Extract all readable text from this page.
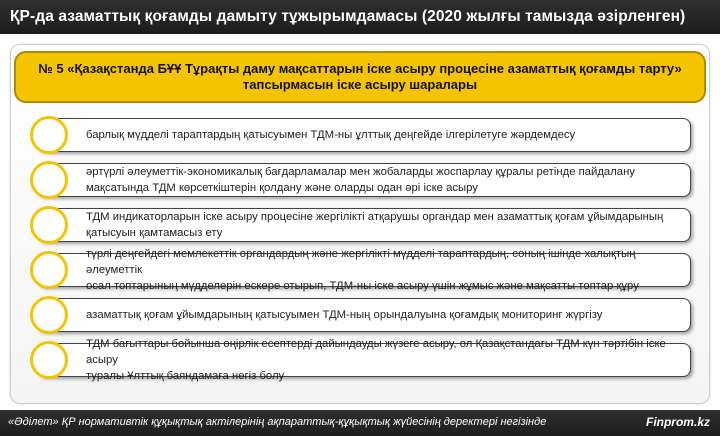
ҚР-да азаматтық қоғамды дамыту тұжырымдамасы (2020 жылғы тамызда әзірленген)
№ 5 «Қазақстанда БҰҰ Тұрақты даму мақсаттарын іске асыру процесіне азаматтық қоғамды тарту»
тапсырмасын іске асыру шаралары
барлық мүдделі тараптардың қатысуымен ТДМ-ны ұлттық деңгейде ілгерілетуге жәрдемдесу
әртүрлі әлеуметтік-экономикалық бағдарламалар мен жобаларды жоспарлау құралы ретінде пайдалану
мақсатында ТДМ көрсеткіштерін қолдану және оларды одан әрі іске асыру
ТДМ индикаторларын іске асыру процесіне жергілікті атқарушы органдар мен азаматтық қоғам ұйымдарының
қатысуын қамтамасыз ету
түрлі деңгейдегі мемлекеттік органдардың және жергілікті мүдделі тараптардың, соның ішінде халықтың әлеуметтік
осал топтарының мүдделерін ескере отырып, ТДМ-ны іске асыру үшін жұмыс және мақсатты топтар құру
азаматтық қоғам ұйымдарының қатысуымен ТДМ-ның орындалуына қоғамдық мониторинг жүргізу
ТДМ бағыттары бойынша өңірлік есептерді дайындауды жүзеге асыру, ол Қазақстандағы ТДМ күн тәртібін іске асыру
туралы Ұлттық баяндамаға негіз болу
«Әділет» ҚР нормативтік құқықтық актілерінің ақпараттық-құқықтық жүйесінің деректері негізінде	Finprom.kz
